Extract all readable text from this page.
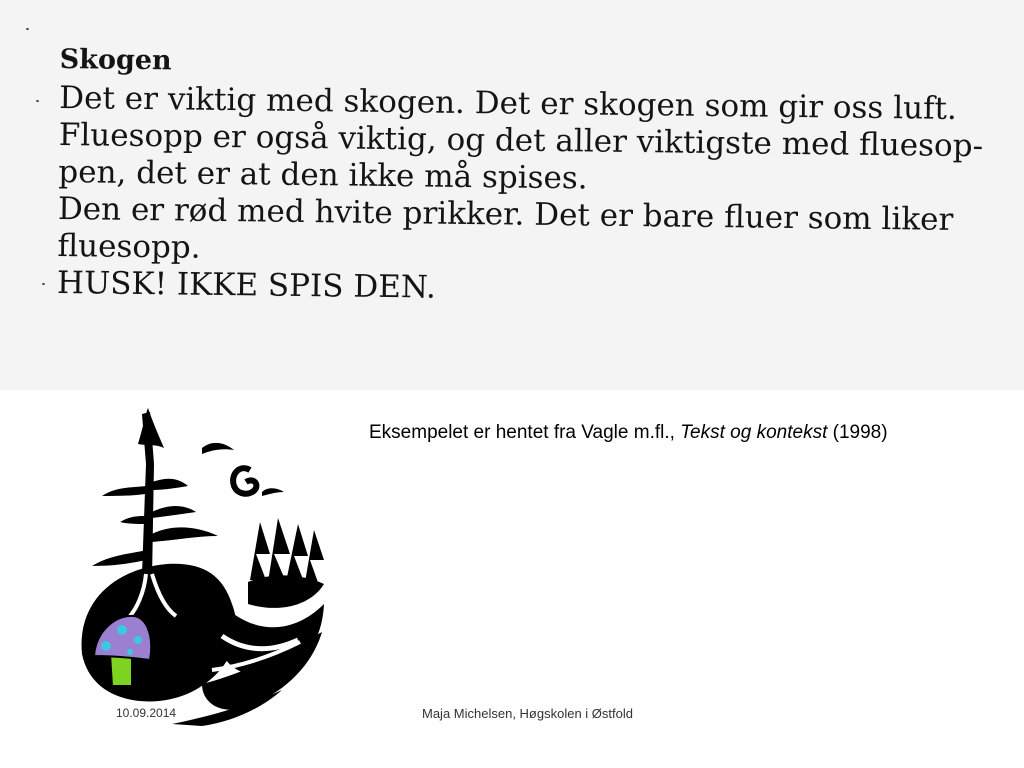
Skogen
Det er viktig med skogen. Det er skogen som gir oss luft.
Fluesopp er også viktig, og det aller viktigste med fluesop-
pen, det er at den ikke må spises.
Den er rød med hvite prikker. Det er bare fluer som liker
fluesopp.
HUSK! IKKE SPIS DEN.
Eksempelet er hentet fra Vagle m.fl., Tekst og kontekst (1998)
10.09.2014	Maja Michelsen, Høgskolen i Østfold
